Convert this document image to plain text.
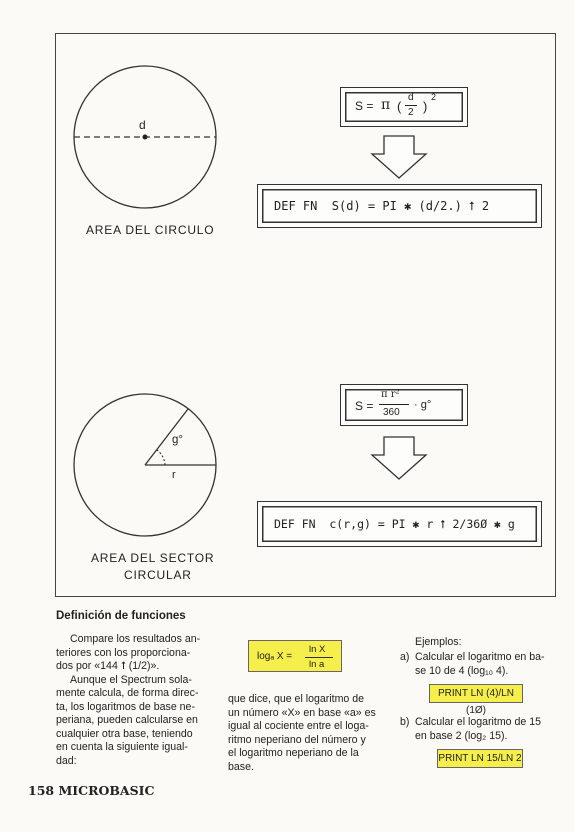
d
AREA DEL CIRCULO
S = π (
d
2 )
2
DEF FN  S(d) = PI ✱ (d/2.) ⭡ 2
g°
r
AREA DEL SECTOR
CIRCULAR
S =
π r²
360
· g°
DEF FN  c(r,g) = PI ✱ r ⭡ 2/36Ø ✱ g
Definición de funciones
Compare los resultados an-
teriores con los proporciona-
dos por «144 ⭡ (1/2)».
Aunque el Spectrum sola-
mente calcula, de forma direc-
ta, los logaritmos de base ne-
periana, pueden calcularse en
cualquier otra base, teniendo
en cuenta la siguiente igual-
dad:
logₐ X =
ln X
ln a
que dice, que el logaritmo de
un número «X» en base «a» es
igual al cociente entre el loga-
ritmo neperiano del número y
el logaritmo neperiano de la
base.
Ejemplos:
a) Calcular el logaritmo en ba-
se 10 de 4 (log₁₀ 4).
PRINT LN (4)/LN (1Ø)
b) Calcular el logaritmo de 15
en base 2 (log₂ 15).
PRINT LN 15/LN 2
158 MICROBASIC
